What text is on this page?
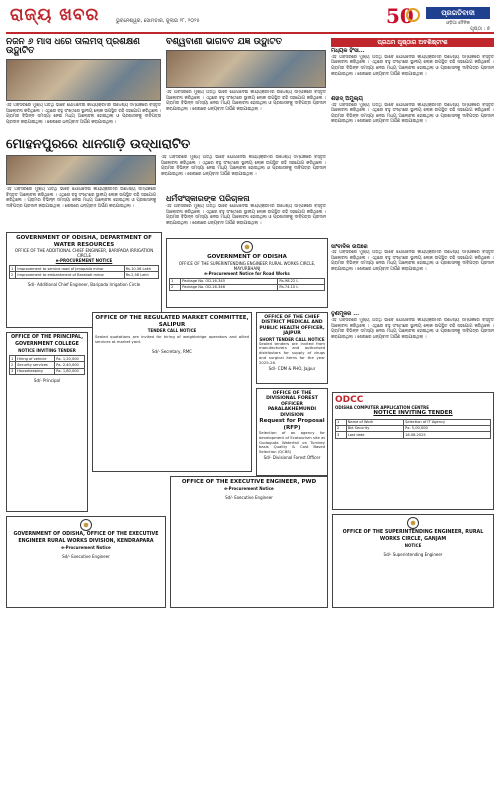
ରାଜ୍ୟ ଖବର	ଭୁବନେଶ୍ୱର, ସୋମବାର, ଜୁଲାଇ ୨୮, ୨୦୨୫	50	ପ୍ରଗତିବାଦୀ
ଓଡ଼ିଆ ଦୈନିକ
ପୃଷ୍ଠା : ୭
ନିର୍ଜନ ୬ ମାସ ଧରେ ତାଲିମିସ୍ ପ୍ରଶିକ୍ଷଣ ଉଦ୍ଘାଟିତ
ଏହି ଅବସରରେ ମୁଖ୍ୟ ଅତିଥି ଭାବେ ଯୋଗଦେଇ କାର୍ଯ୍ୟକ୍ରମର ଉଦ୍ଦେଶ୍ୟ ସମ୍ପର୍କରେ ବିସ୍ତୃତ ଆଲୋଚନା କରିଥିଲେ । ଏଥିରେ ବହୁ ସଂଖ୍୯ାରେ ସ୍ଥାନୀୟ ଲୋକ ଉପସ୍ଥିତ ରହି ସହଯୋଗ କରିଥିଲେ । ଗ୍ରାମର ବିଭିନ୍ନ ସମସ୍ୟା ନେଇ ମଧ୍ୟ ଆଲୋଚନା ହୋଇଥିଲା ଓ ପ୍ରଶାସନକୁ ଦାବିପତ୍ର ପ୍ରଦାନ କରାଯାଇଥିଲା । ଶେଷରେ ଧନ୍ୟବାଦ ଅର୍ପଣ କରାଯାଇଥିଲା ।
ବିଶ୍ୱବାଣୀ ଭାଗବତ ଯଜ୍ଞ ଉଦ୍ଘାଟିତ
ଏହି ଅବସରରେ ମୁଖ୍ୟ ଅତିଥି ଭାବେ ଯୋଗଦେଇ କାର୍ଯ୍ୟକ୍ରମର ଉଦ୍ଦେଶ୍ୟ ସମ୍ପର୍କରେ ବିସ୍ତୃତ ଆଲୋଚନା କରିଥିଲେ । ଏଥିରେ ବହୁ ସଂଖ୍୯ାରେ ସ୍ଥାନୀୟ ଲୋକ ଉପସ୍ଥିତ ରହି ସହଯୋଗ କରିଥିଲେ । ଗ୍ରାମର ବିଭିନ୍ନ ସମସ୍ୟା ନେଇ ମଧ୍ୟ ଆଲୋଚନା ହୋଇଥିଲା ଓ ପ୍ରଶାସନକୁ ଦାବିପତ୍ର ପ୍ରଦାନ କରାଯାଇଥିଲା । ଶେଷରେ ଧନ୍ୟବାଦ ଅର୍ପଣ କରାଯାଇଥିଲା ।
ମୋହନପୁରରେ ଧାନଗାଡ଼ି ଉଦ୍ଧାରାଟିତ
ଏହି ଅବସରରେ ମୁଖ୍ୟ ଅତିଥି ଭାବେ ଯୋଗଦେଇ କାର୍ଯ୍ୟକ୍ରମର ଉଦ୍ଦେଶ୍ୟ ସମ୍ପର୍କରେ ବିସ୍ତୃତ ଆଲୋଚନା କରିଥିଲେ । ଏଥିରେ ବହୁ ସଂଖ୍୯ାରେ ସ୍ଥାନୀୟ ଲୋକ ଉପସ୍ଥିତ ରହି ସହଯୋଗ କରିଥିଲେ । ଗ୍ରାମର ବିଭିନ୍ନ ସମସ୍ୟା ନେଇ ମଧ୍ୟ ଆଲୋଚନା ହୋଇଥିଲା ଓ ପ୍ରଶାସନକୁ ଦାବିପତ୍ର ପ୍ରଦାନ କରାଯାଇଥିଲା । ଶେଷରେ ଧନ୍ୟବାଦ ଅର୍ପଣ କରାଯାଇଥିଲା ।
ଏହି ଅବସରରେ ମୁଖ୍ୟ ଅତିଥି ଭାବେ ଯୋଗଦେଇ କାର୍ଯ୍ୟକ୍ରମର ଉଦ୍ଦେଶ୍ୟ ସମ୍ପର୍କରେ ବିସ୍ତୃତ ଆଲୋଚନା କରିଥିଲେ । ଏଥିରେ ବହୁ ସଂଖ୍୯ାରେ ସ୍ଥାନୀୟ ଲୋକ ଉପସ୍ଥିତ ରହି ସହଯୋଗ କରିଥିଲେ । ଗ୍ରାମର ବିଭିନ୍ନ ସମସ୍ୟା ନେଇ ମଧ୍ୟ ଆଲୋଚନା ହୋଇଥିଲା ଓ ପ୍ରଶାସନକୁ ଦାବିପତ୍ର ପ୍ରଦାନ କରାଯାଇଥିଲା । ଶେଷରେ ଧନ୍ୟବାଦ ଅର୍ପଣ କରାଯାଇଥିଲା ।
ଧର୍ମସଂସ୍କାରଙ୍କ ପରିଚାଳନା
ଏହି ଅବସରରେ ମୁଖ୍ୟ ଅତିଥି ଭାବେ ଯୋଗଦେଇ କାର୍ଯ୍ୟକ୍ରମର ଉଦ୍ଦେଶ୍ୟ ସମ୍ପର୍କରେ ବିସ୍ତୃତ ଆଲୋଚନା କରିଥିଲେ । ଏଥିରେ ବହୁ ସଂଖ୍୯ାରେ ସ୍ଥାନୀୟ ଲୋକ ଉପସ୍ଥିତ ରହି ସହଯୋଗ କରିଥିଲେ । ଗ୍ରାମର ବିଭିନ୍ନ ସମସ୍ୟା ନେଇ ମଧ୍ୟ ଆଲୋଚନା ହୋଇଥିଲା ଓ ପ୍ରଶାସନକୁ ଦାବିପତ୍ର ପ୍ରଦାନ କରାଯାଇଥିଲା । ଶେଷରେ ଧନ୍ୟବାଦ ଅର୍ପଣ କରାଯାଇଥିଲା ।
ପ୍ରଥମ ପୃଷ୍ଠାର ଅବଶିଷ୍ଟାଂଶ
ମଧ୍ୟକ ହିଂସା...
ଏହି ଅବସରରେ ମୁଖ୍ୟ ଅତିଥି ଭାବେ ଯୋଗଦେଇ କାର୍ଯ୍ୟକ୍ରମର ଉଦ୍ଦେଶ୍ୟ ସମ୍ପର୍କରେ ବିସ୍ତୃତ ଆଲୋଚନା କରିଥିଲେ । ଏଥିରେ ବହୁ ସଂଖ୍୯ାରେ ସ୍ଥାନୀୟ ଲୋକ ଉପସ୍ଥିତ ରହି ସହଯୋଗ କରିଥିଲେ । ଗ୍ରାମର ବିଭିନ୍ନ ସମସ୍ୟା ନେଇ ମଧ୍ୟ ଆଲୋଚନା ହୋଇଥିଲା ଓ ପ୍ରଶାସନକୁ ଦାବିପତ୍ର ପ୍ରଦାନ କରାଯାଇଥିଲା । ଶେଷରେ ଧନ୍ୟବାଦ ଅର୍ପଣ କରାଯାଇଥିଲା ।
ଶହୀଦ୍ ଅମୁଲ୍ୟ
ଏହି ଅବସରରେ ମୁଖ୍ୟ ଅତିଥି ଭାବେ ଯୋଗଦେଇ କାର୍ଯ୍ୟକ୍ରମର ଉଦ୍ଦେଶ୍ୟ ସମ୍ପର୍କରେ ବିସ୍ତୃତ ଆଲୋଚନା କରିଥିଲେ । ଏଥିରେ ବହୁ ସଂଖ୍୯ାରେ ସ୍ଥାନୀୟ ଲୋକ ଉପସ୍ଥିତ ରହି ସହଯୋଗ କରିଥିଲେ । ଗ୍ରାମର ବିଭିନ୍ନ ସମସ୍ୟା ନେଇ ମଧ୍ୟ ଆଲୋଚନା ହୋଇଥିଲା ଓ ପ୍ରଶାସନକୁ ଦାବିପତ୍ର ପ୍ରଦାନ କରାଯାଇଥିଲା । ଶେଷରେ ଧନ୍ୟବାଦ ଅର୍ପଣ କରାଯାଇଥିଲା ।
ସାଂବାଦିକ ଉପରେ
ଏହି ଅବସରରେ ମୁଖ୍ୟ ଅତିଥି ଭାବେ ଯୋଗଦେଇ କାର୍ଯ୍ୟକ୍ରମର ଉଦ୍ଦେଶ୍ୟ ସମ୍ପର୍କରେ ବିସ୍ତୃତ ଆଲୋଚନା କରିଥିଲେ । ଏଥିରେ ବହୁ ସଂଖ୍୯ାରେ ସ୍ଥାନୀୟ ଲୋକ ଉପସ୍ଥିତ ରହି ସହଯୋଗ କରିଥିଲେ । ଗ୍ରାମର ବିଭିନ୍ନ ସମସ୍ୟା ନେଇ ମଧ୍ୟ ଆଲୋଚନା ହୋଇଥିଲା ଓ ପ୍ରଶାସନକୁ ଦାବିପତ୍ର ପ୍ରଦାନ କରାଯାଇଥିଲା । ଶେଷରେ ଧନ୍ୟବାଦ ଅର୍ପଣ କରାଯାଇଥିଲା ।
ତୃଣମୂଳର ...
ଏହି ଅବସରରେ ମୁଖ୍ୟ ଅତିଥି ଭାବେ ଯୋଗଦେଇ କାର୍ଯ୍ୟକ୍ରମର ଉଦ୍ଦେଶ୍ୟ ସମ୍ପର୍କରେ ବିସ୍ତୃତ ଆଲୋଚନା କରିଥିଲେ । ଏଥିରେ ବହୁ ସଂଖ୍୯ାରେ ସ୍ଥାନୀୟ ଲୋକ ଉପସ୍ଥିତ ରହି ସହଯୋଗ କରିଥିଲେ । ଗ୍ରାମର ବିଭିନ୍ନ ସମସ୍ୟା ନେଇ ମଧ୍ୟ ଆଲୋଚନା ହୋଇଥିଲା ଓ ପ୍ରଶାସନକୁ ଦାବିପତ୍ର ପ୍ରଦାନ କରାଯାଇଥିଲା । ଶେଷରେ ଧନ୍ୟବାଦ ଅର୍ପଣ କରାଯାଇଥିଲା ।
GOVERNMENT OF ODISHA, DEPARTMENT OF WATER RESOURCES
OFFICE OF THE ADDITIONAL CHIEF ENGINEER, BARIPADA IRRIGATION CIRCLE
e-PROCUREMENT NOTICE
1	Improvement to service road of Jenapada minor	Rs.10.36 Lakh
2	Improvement to embankment of Barabati minor	Rs.2,58 Lakh
Sd/- Additional Chief Engineer, Baripada Irrigation Circle
GOVERNMENT OF ODISHA
OFFICE OF THE SUPERINTENDING ENGINEER RURAL WORKS CIRCLE, MAYURBHANJ
e-Procurement Notice for Road Works
1	Package No. OD-16-345	Rs.98.22 L
2	Package No. OD-16-346	Rs.74.10 L
OFFICE OF THE CHIEF DISTRICT MEDICAL AND PUBLIC HEALTH OFFICER, JAJPUR
SHORT TENDER CALL NOTICE
Sealed tenders are invited from manufacturers and authorised distributors for supply of drugs and surgical items for the year 2025-26.
Sd/- CDM & PHO, Jajpur
OFFICE OF THE DIVISIONAL FOREST OFFICER PARALAKHEMUNDI DIVISION
Request for Proposal (RFP)
Selection of an agency for development of Ecotourism site at Gudaguda Waterfall on Turnkey basis Quality & Cost Based Selection (QCBS)
Sd/- Divisional Forest Officer
OFFICE OF THE PRINCIPAL, GOVERNMENT COLLEGE
NOTICE INVITING TENDER
1	Hiring of vehicle	Rs. 1,20,000
2	Security services	Rs. 2,40,000
3	Housekeeping	Rs. 1,80,000
Sd/- Principal
OFFICE OF THE REGULATED MARKET COMMITTEE, SALIPUR
TENDER CALL NOTICE
Sealed quotations are invited for hiring of weighbridge operators and allied services at market yard.
Sd/- Secretary, RMC
GOVERNMENT OF ODISHA, OFFICE OF THE EXECUTIVE ENGINEER RURAL WORKS DIVISION, KENDRAPARA
e-Procurement Notice
Sd/- Executive Engineer
OFFICE OF THE EXECUTIVE ENGINEER, PWD
e-Procurement Notice
Sd/- Executive Engineer
ODCC
ODISHA COMPUTER APPLICATION CENTRE
NOTICE INVITING TENDER
1	Name of Work	Selection of IT Agency
2	Bid Security	Rs. 5,00,000
3	Last date	18.08.2025
OFFICE OF THE SUPERINTENDING ENGINEER, RURAL WORKS CIRCLE, GANJAM
NOTICE
Sd/- Superintending Engineer
